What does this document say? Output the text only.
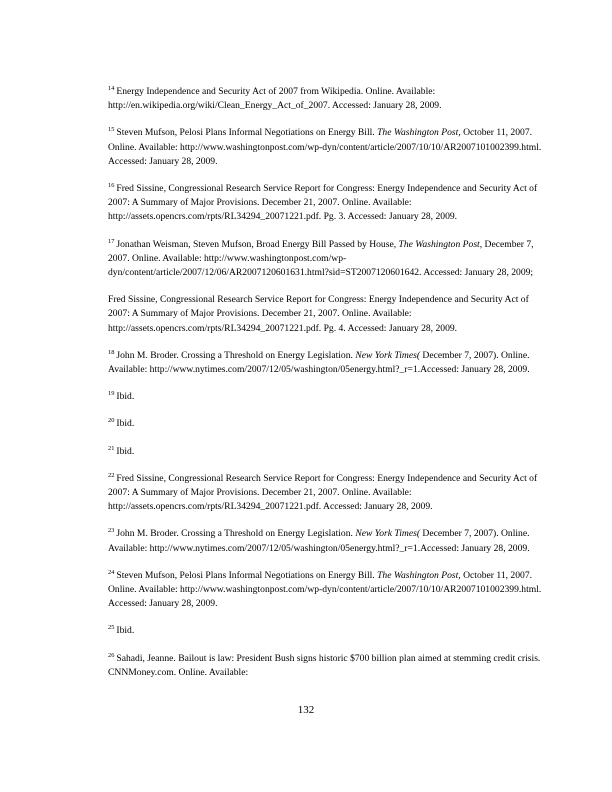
$^{14}$ Energy Independence and Security Act of 2007 from Wikipedia. Online. Available: http://en.wikipedia.org/wiki/Clean_Energy_Act_of_2007. Accessed: January 28, 2009.

$^{15}$ Steven Mufson, Pelosi Plans Informal Negotiations on Energy Bill. The Washington Post, October 11, 2007. Online. Available: http://www.washingtonpost.com/wp-dyn/content/article/2007/10/10/AR2007101002399.html. Accessed: January 28, 2009.

$^{16}$ Fred Sissine, Congressional Research Service Report for Congress: Energy Independence and Security Act of 2007: A Summary of Major Provisions. December 21, 2007. Online. Available: http://assets.opencrs.com/rpts/RL34294_20071221.pdf. Pg. 3. Accessed: January 28, 2009.

$^{17}$ Jonathan Weisman, Steven Mufson, Broad Energy Bill Passed by House, The Washington Post, December 7, 2007. Online. Available: http://www.washingtonpost.com/wp-dyn/content/article/2007/12/06/AR2007120601631.html?sid=ST2007120601642. Accessed: January 28, 2009;

Fred Sissine, Congressional Research Service Report for Congress: Energy Independence and Security Act of 2007: A Summary of Major Provisions. December 21, 2007. Online. Available: http://assets.opencrs.com/rpts/RL34294_20071221.pdf. Pg. 4. Accessed: January 28, 2009.

$^{18}$ John M. Broder. Crossing a Threshold on Energy Legislation. New York Times( December 7, 2007). Online. Available: http://www.nytimes.com/2007/12/05/washington/05energy.html?_r=1.Accessed: January 28, 2009.

$^{19}$ Ibid.

$^{20}$ Ibid.

$^{21}$ Ibid.

$^{22}$ Fred Sissine, Congressional Research Service Report for Congress: Energy Independence and Security Act of 2007: A Summary of Major Provisions. December 21, 2007. Online. Available: http://assets.opencrs.com/rpts/RL34294_20071221.pdf. Accessed: January 28, 2009.

$^{23}$ John M. Broder. Crossing a Threshold on Energy Legislation. New York Times( December 7, 2007). Online. Available: http://www.nytimes.com/2007/12/05/washington/05energy.html?_r=1.Accessed: January 28, 2009.

$^{24}$ Steven Mufson, Pelosi Plans Informal Negotiations on Energy Bill. The Washington Post, October 11, 2007. Online. Available: http://www.washingtonpost.com/wp-dyn/content/article/2007/10/10/AR2007101002399.html. Accessed: January 28, 2009.

$^{25}$ Ibid.

$^{26}$ Sahadi, Jeanne. Bailout is law: President Bush signs historic $700 billion plan aimed at stemming credit crisis. CNNMoney.com. Online. Available:

132
